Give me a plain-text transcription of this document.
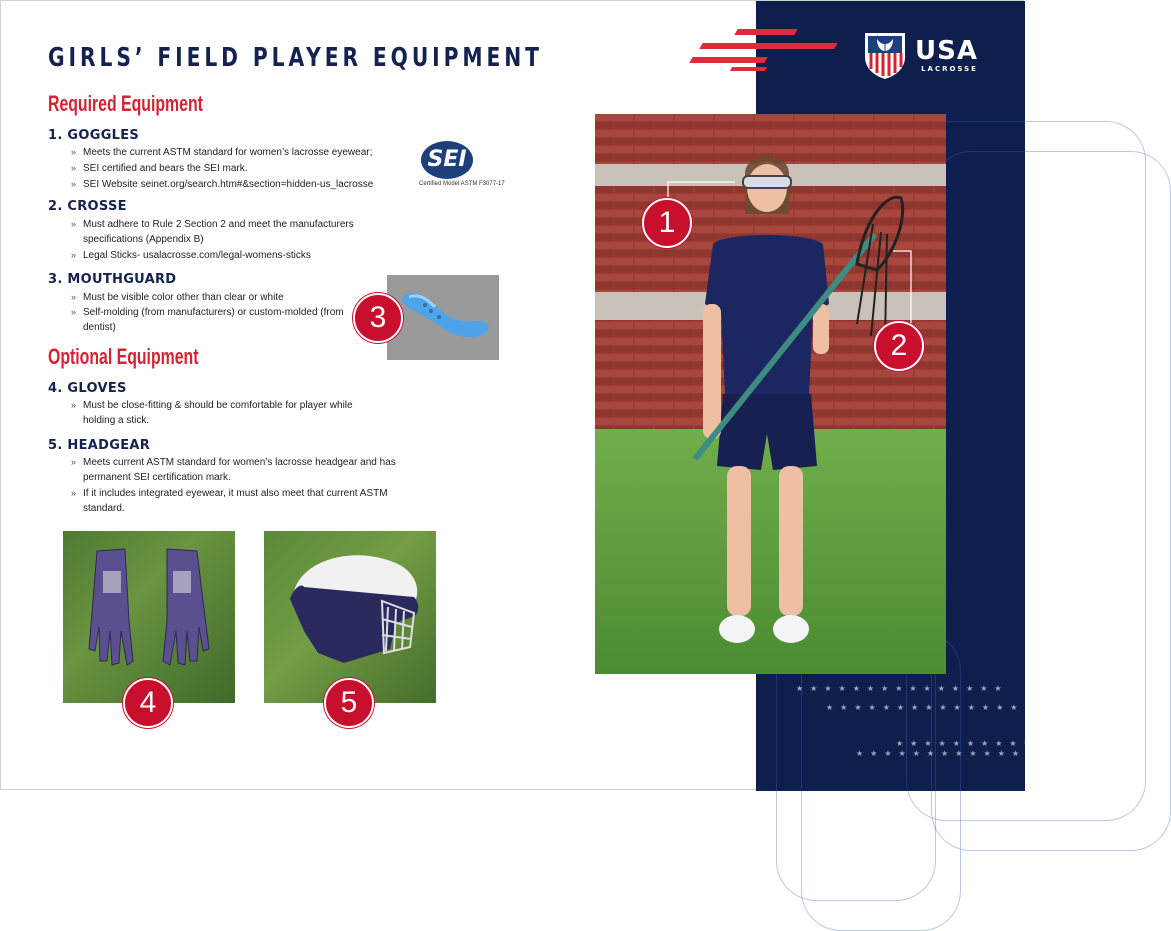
★★★★★★★★★★★★★★★
★★★★★★★★★★★★★★
★★★★★★★★★★★
★★★★★★★★★★★★★
USA
LACROSSE
GIRLS’ FIELD PLAYER EQUIPMENT
Required Equipment
1. GOGGLES
» Meets the current ASTM standard for women’s lacrosse eyewear;
» SEI certified and bears the SEI mark.
» SEI Website seinet.org/search.htm#&section=hidden-us_lacrosse
SEI
Certified Model ASTM F3077-17
2. CROSSE
» Must adhere to Rule 2 Section 2 and meet the manufacturers specifications (Appendix B)
» Legal Sticks- usalacrosse.com/legal-womens-sticks
3. MOUTHGUARD
» Must be visible color other than clear or white
» Self-molding (from manufacturers) or custom-molded (from dentist)	3
Optional Equipment
4. GLOVES
» Must be close-fitting & should be comfortable for player while holding a stick.
5. HEADGEAR
» Meets current ASTM standard for women’s lacrosse headgear and has permanent SEI certification mark.
» If it includes integrated eyewear, it must also meet that current ASTM standard.
4	5
1
2
